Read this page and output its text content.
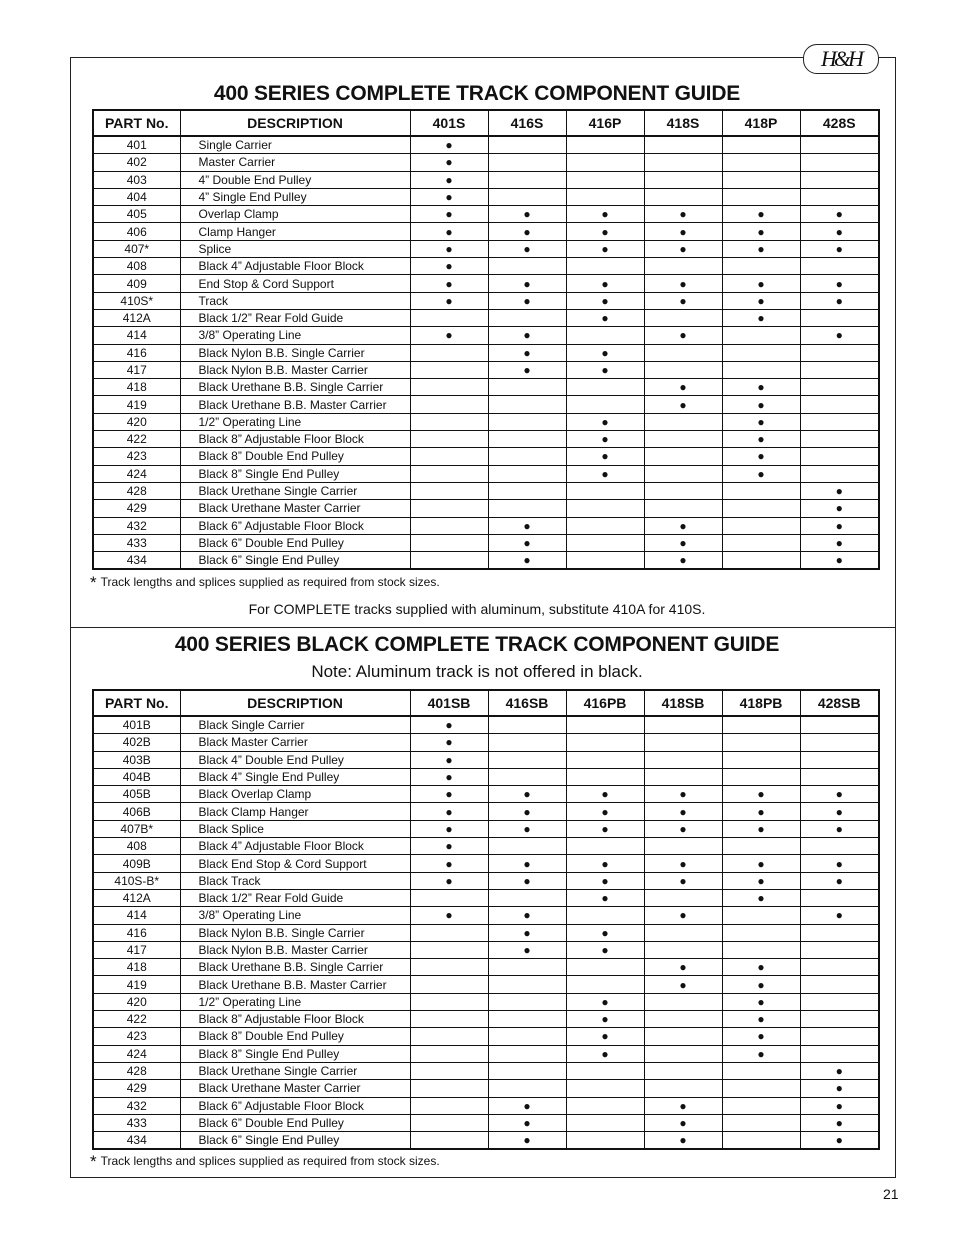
H&H
400 SERIES COMPLETE TRACK COMPONENT GUIDE
PART No.	DESCRIPTION	401S	416S	416P	418S	418P	428S
401	Single Carrier	●					
402	Master Carrier	●					
403	4” Double End Pulley	●					
404	4” Single End Pulley	●					
405	Overlap Clamp	●	●	●	●	●	●
406	Clamp Hanger	●	●	●	●	●	●
407*	Splice	●	●	●	●	●	●
408	Black 4” Adjustable Floor Block	●					
409	End Stop & Cord Support	●	●	●	●	●	●
410S*	Track	●	●	●	●	●	●
412A	Black 1/2” Rear Fold Guide			●		●	
414	3/8” Operating Line	●	●		●		●
416	Black Nylon B.B. Single Carrier		●	●			
417	Black Nylon B.B. Master Carrier		●	●			
418	Black Urethane B.B. Single Carrier				●	●	
419	Black Urethane B.B. Master Carrier				●	●	
420	1/2” Operating Line			●		●	
422	Black 8” Adjustable Floor Block			●		●	
423	Black 8” Double End Pulley			●		●	
424	Black 8” Single End Pulley			●		●	
428	Black Urethane Single Carrier						●
429	Black Urethane Master Carrier						●
432	Black 6” Adjustable Floor Block		●		●		●
433	Black 6” Double End Pulley		●		●		●
434	Black 6” Single End Pulley		●		●		●
* Track lengths and splices supplied as required from stock sizes.
For COMPLETE tracks supplied with aluminum, substitute 410A for 410S.
400 SERIES BLACK COMPLETE TRACK COMPONENT GUIDE
Note: Aluminum track is not offered in black.
PART No.	DESCRIPTION	401SB	416SB	416PB	418SB	418PB	428SB
401B	Black Single Carrier	●					
402B	Black Master Carrier	●					
403B	Black 4” Double End Pulley	●					
404B	Black 4” Single End Pulley	●					
405B	Black Overlap Clamp	●	●	●	●	●	●
406B	Black Clamp Hanger	●	●	●	●	●	●
407B*	Black Splice	●	●	●	●	●	●
408	Black 4” Adjustable Floor Block	●					
409B	Black End Stop & Cord Support	●	●	●	●	●	●
410S-B*	Black Track	●	●	●	●	●	●
412A	Black 1/2” Rear Fold Guide			●		●	
414	3/8” Operating Line	●	●		●		●
416	Black Nylon B.B. Single Carrier		●	●			
417	Black Nylon B.B. Master Carrier		●	●			
418	Black Urethane B.B. Single Carrier				●	●	
419	Black Urethane B.B. Master Carrier				●	●	
420	1/2” Operating Line			●		●	
422	Black 8” Adjustable Floor Block			●		●	
423	Black 8” Double End Pulley			●		●	
424	Black 8” Single End Pulley			●		●	
428	Black Urethane Single Carrier						●
429	Black Urethane Master Carrier						●
432	Black 6” Adjustable Floor Block		●		●		●
433	Black 6” Double End Pulley		●		●		●
434	Black 6” Single End Pulley		●		●		●
* Track lengths and splices supplied as required from stock sizes.
21
